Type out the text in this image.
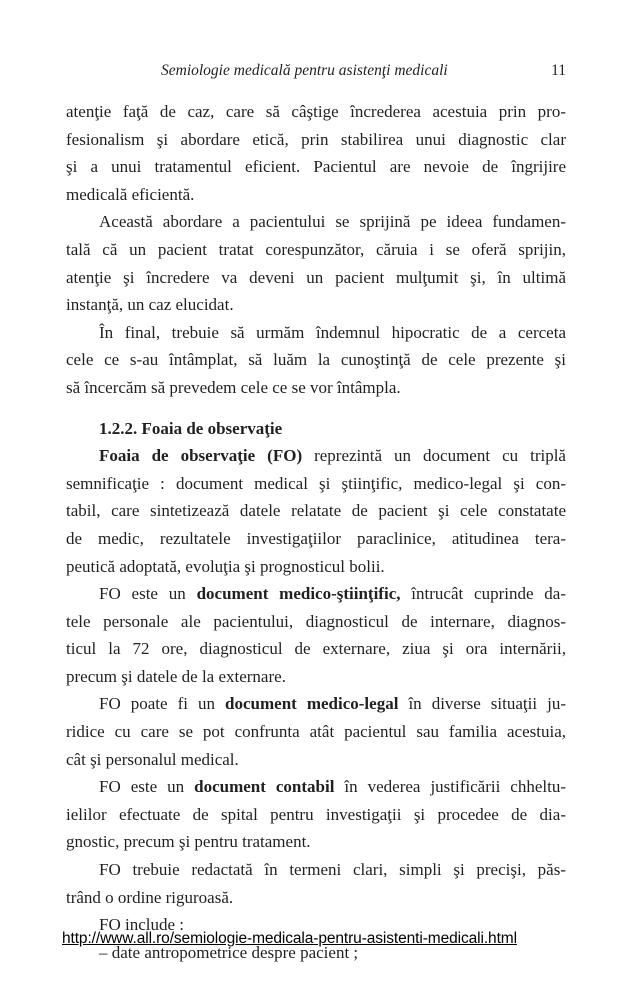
Semiologie medicală pentru asistenţi medicali	11
atenţie faţă de caz, care să câştige încrederea acestuia prin pro-
fesionalism şi abordare etică, prin stabilirea unui diagnostic clar
şi a unui tratamentul eficient. Pacientul are nevoie de îngrijire
medicală eficientă.
Această abordare a pacientului se sprijină pe ideea fundamen-
tală că un pacient tratat corespunzător, căruia i se oferă sprijin,
atenţie şi încredere va deveni un pacient mulţumit şi, în ultimă
instanţă, un caz elucidat.
În final, trebuie să urmăm îndemnul hipocratic de a cerceta
cele ce s-au întâmplat, să luăm la cunoştinţă de cele prezente şi
să încercăm să prevedem cele ce se vor întâmpla.
1.2.2. Foaia de observaţie
Foaia de observaţie (FO) reprezintă un document cu triplă
semnificaţie : document medical şi ştiinţific, medico-legal şi con-
tabil, care sintetizează datele relatate de pacient şi cele constatate
de medic, rezultatele investigaţiilor paraclinice, atitudinea tera-
peutică adoptată, evoluţia şi prognosticul bolii.
FO este un document medico-ştiinţific, întrucât cuprinde da-
tele personale ale pacientului, diagnosticul de internare, diagnos-
ticul la 72 ore, diagnosticul de externare, ziua şi ora internării,
precum şi datele de la externare.
FO poate fi un document medico-legal în diverse situaţii ju-
ridice cu care se pot confrunta atât pacientul sau familia acestuia,
cât şi personalul medical.
FO este un document contabil în vederea justificării chheltu-
ielilor efectuate de spital pentru investigaţii şi procedee de dia-
gnostic, precum şi pentru tratament.
FO trebuie redactată în termeni clari, simpli şi precişi, păs-
trând o ordine riguroasă.
FO include :
– date antropometrice despre pacient ;
http://www.all.ro/semiologie-medicala-pentru-asistenti-medicali.html
